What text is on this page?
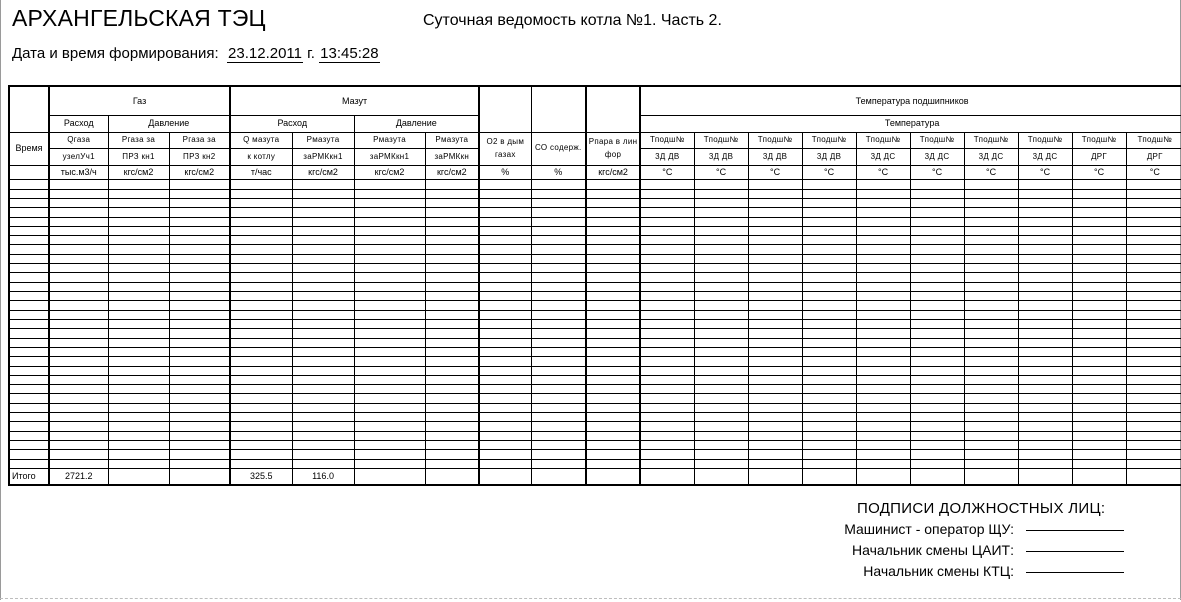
АРХАНГЕЛЬСКАЯ ТЭЦ	Суточная ведомость котла №1. Часть 2.
Дата и время формирования: 23.12.2011 г. 13:45:28
	Газ			Мазут							Температура подшипников									
	Расход	Давление		Расход		Давление					Температура									
Время	Qгаза	Ргаза за	Ргаза за	Q мазута	Рмазута	Рмазута	Рмазута	О2 в дым газах	СО содерж.	Рпара в лин фор	Тподш№	Тподш№	Тподш№	Тподш№	Тподш№	Тподш№	Тподш№	Тподш№	Тподш№	Тподш№
	узелУч1	ПРЗ кн1	ПРЗ кн2	к котлу	заРМКкн1	заРМКкн1	заРМКкн				3Д ДВ	3Д ДВ	3Д ДВ	3Д ДВ	3Д ДС	3Д ДС	3Д ДС	3Д ДС	ДРГ	ДРГ
	тыс.м3/ч	кгс/см2	кгс/см2	т/час	кгс/см2	кгс/см2	кгс/см2	%	%	кгс/см2	°С	°С	°С	°С	°С	°С	°С	°С	°С	°С

Итого	2721.2			325.5	116.0															
ПОДПИСИ ДОЛЖНОСТНЫХ ЛИЦ:
Машинист - оператор ЩУ:
Начальник смены ЦАИТ:
Начальник смены КТЦ:
